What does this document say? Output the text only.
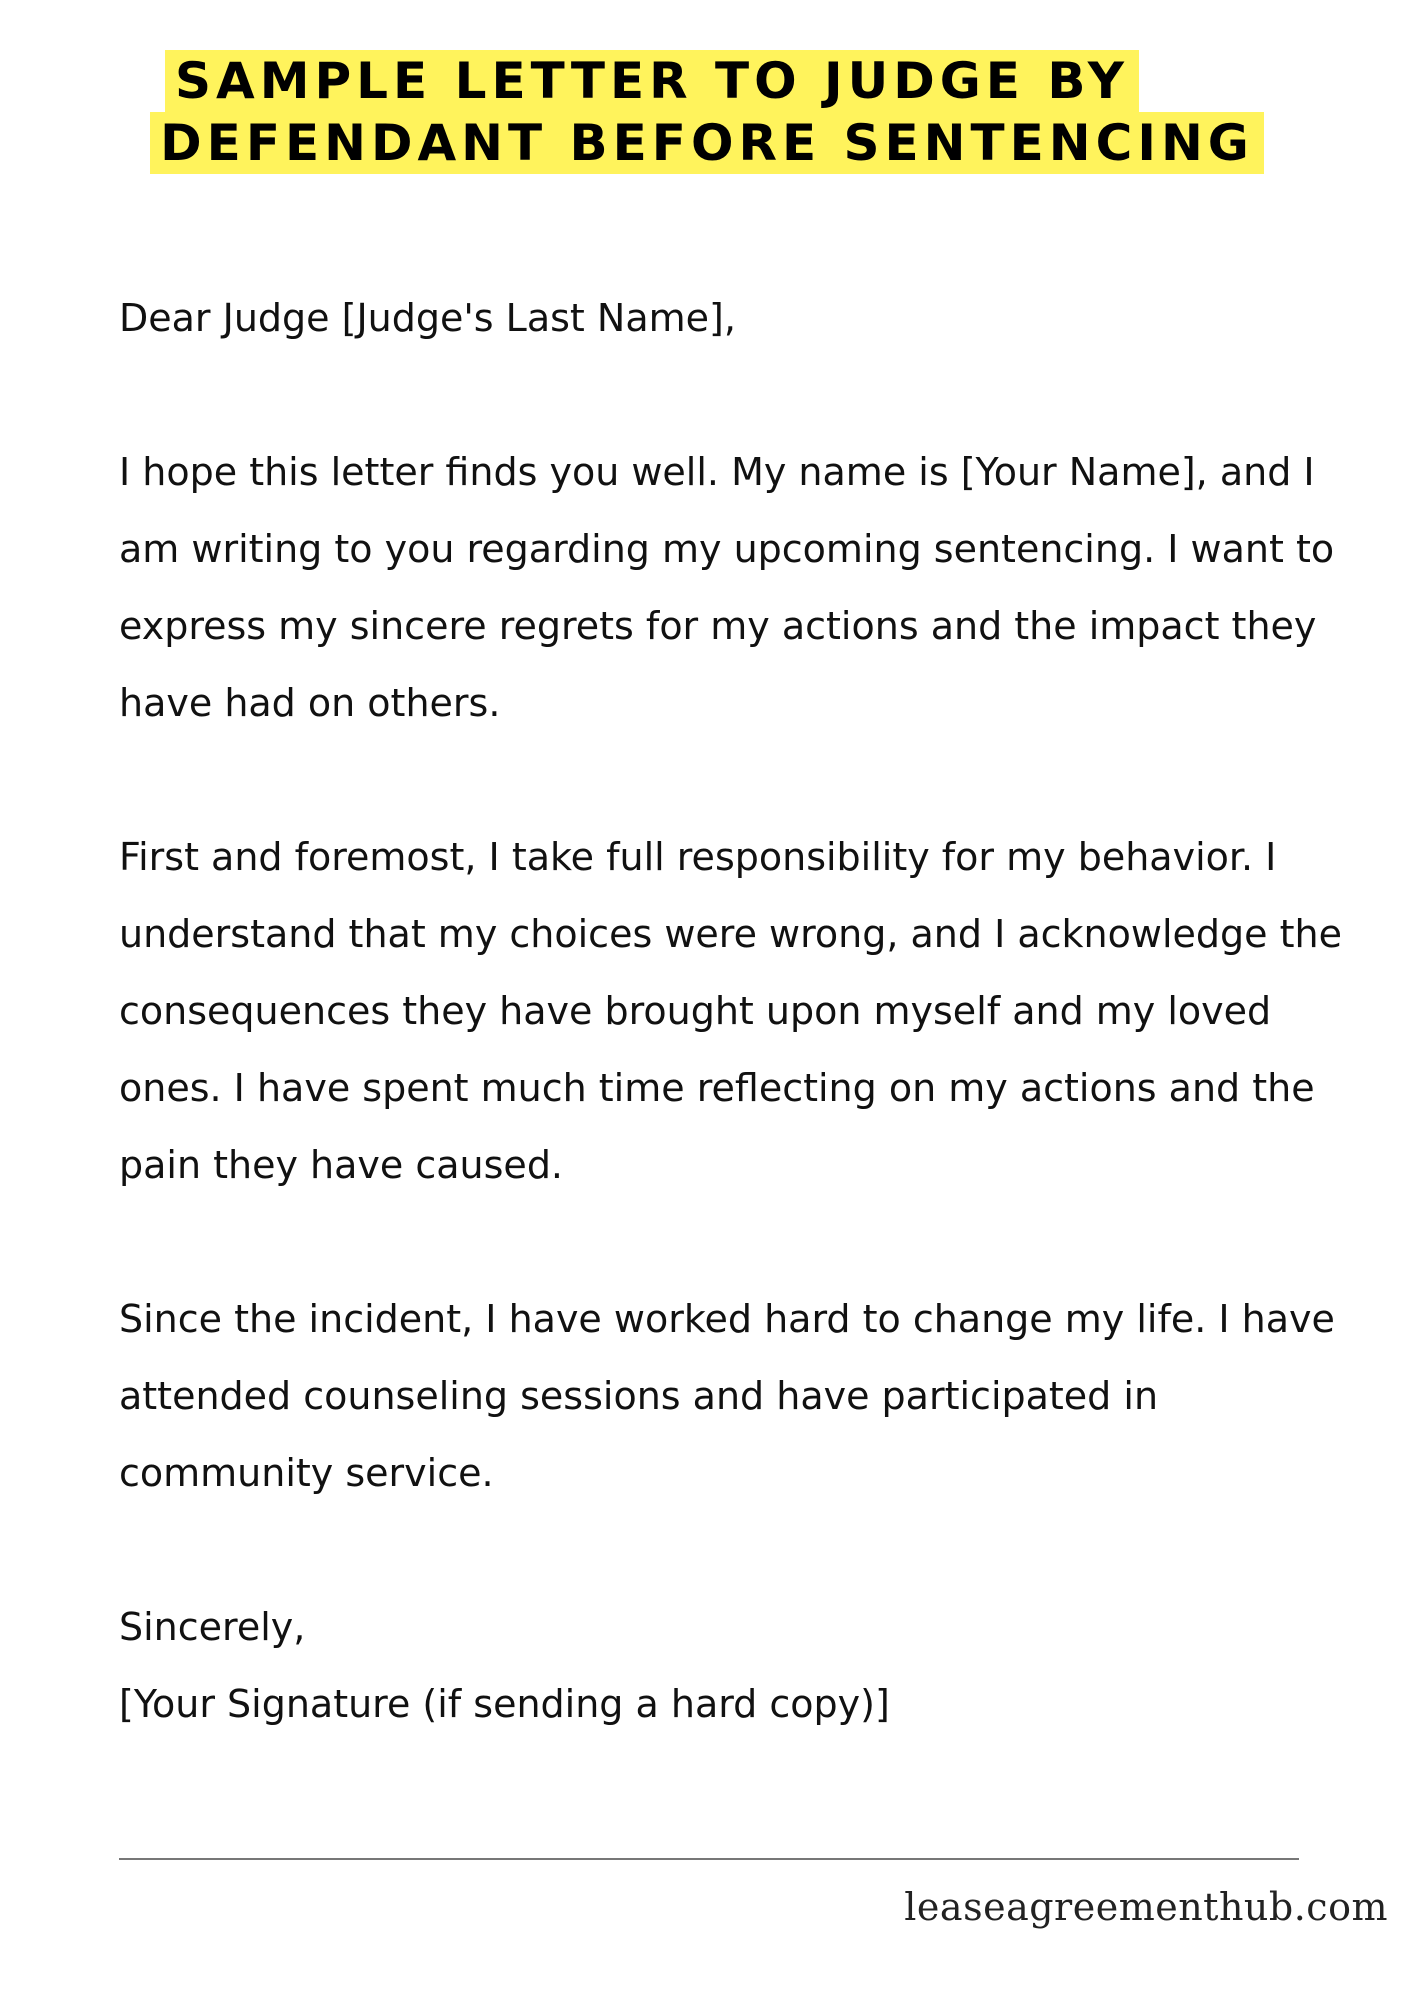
SAMPLE LETTER TO JUDGE BY
DEFENDANT BEFORE SENTENCING

Dear Judge [Judge's Last Name],

I hope this letter finds you well. My name is [Your Name], and I am writing to you regarding my upcoming sentencing. I want to express my sincere regrets for my actions and the impact they have had on others.

First and foremost, I take full responsibility for my behavior. I understand that my choices were wrong, and I acknowledge the consequences they have brought upon myself and my loved ones. I have spent much time reflecting on my actions and the pain they have caused.

Since the incident, I have worked hard to change my life. I have attended counseling sessions and have participated in community service.

Sincerely,
[Your Signature (if sending a hard copy)]

leaseagreementhub.com
